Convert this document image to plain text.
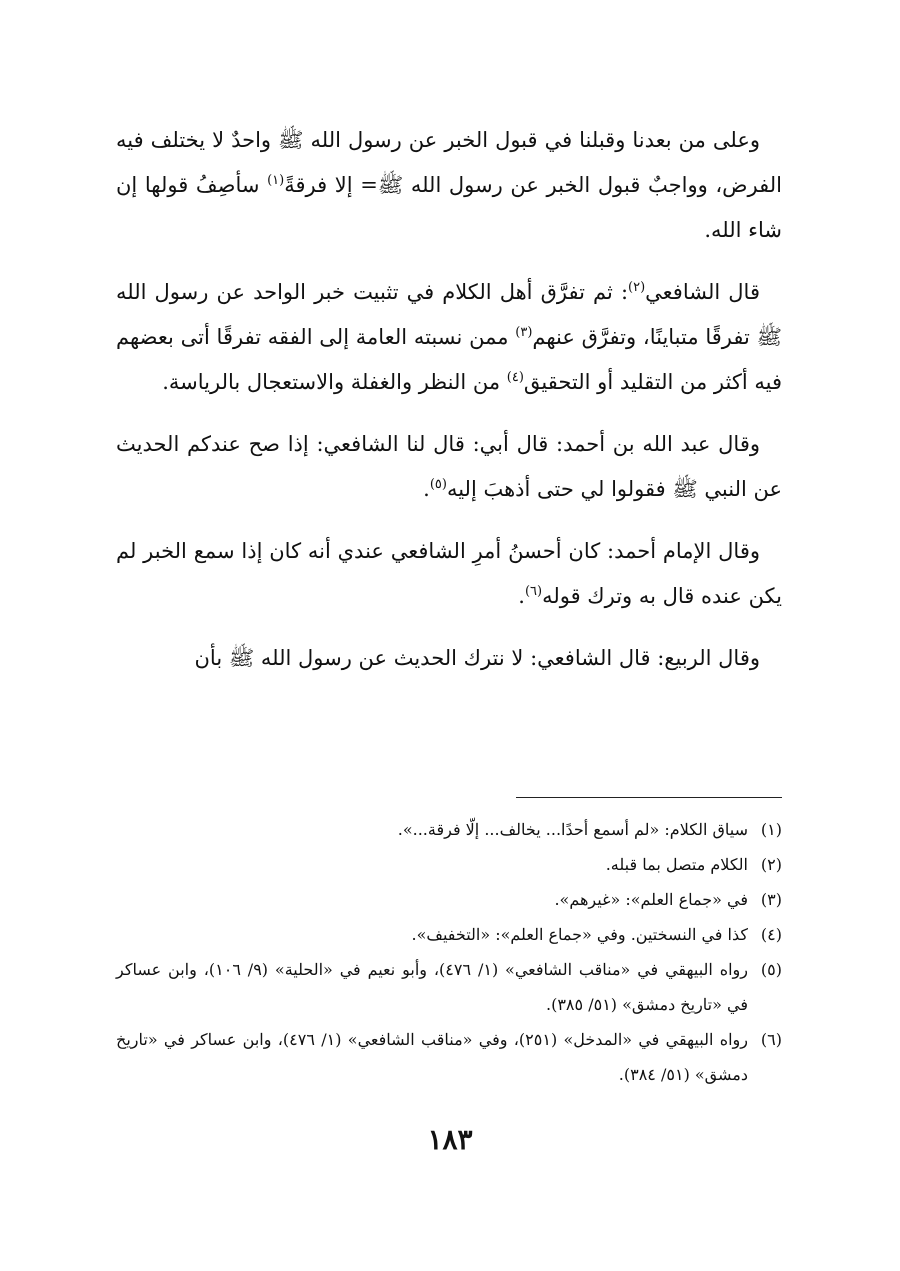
وعلى من بعدنا وقبلنا في قبول الخبر عن رسول الله ﷺ واحدٌ لا يختلف فيه الفرض، وواجبٌ قبول الخبر عن رسول الله ﷺ= إلا فرقةً$^{(١)}$ سأصِفُ قولها إن شاء الله.

قال الشافعي$^{(٢)}$: ثم تفرَّق أهل الكلام في تثبيت خبر الواحد عن رسول الله ﷺ تفرقًا متباينًا، وتفرَّق عنهم$^{(٣)}$ ممن نسبته العامة إلى الفقه تفرقًا أتى بعضهم فيه أكثر من التقليد أو التحقيق$^{(٤)}$ من النظر والغفلة والاستعجال بالرياسة.

وقال عبد الله بن أحمد: قال أبي: قال لنا الشافعي: إذا صح عندكم الحديث عن النبي ﷺ فقولوا لي حتى أذهبَ إليه$^{(٥)}$.

وقال الإمام أحمد: كان أحسنُ أمرِ الشافعي عندي أنه كان إذا سمع الخبر لم يكن عنده قال به وترك قوله$^{(٦)}$.

وقال الربيع: قال الشافعي: لا نترك الحديث عن رسول الله ﷺ بأن

(١)
سياق الكلام: «لم أسمع أحدًا... يخالف... إلّا فرقة...».
(٢)
الكلام متصل بما قبله.
(٣)
في «جماع العلم»: «غيرهم».
(٤)
كذا في النسختين. وفي «جماع العلم»: «التخفيف».
(٥)
رواه البيهقي في «مناقب الشافعي» (١/ ٤٧٦)، وأبو نعيم في «الحلية» (٩/ ١٠٦)، وابن عساكر في «تاريخ دمشق» (٥١/ ٣٨٥).
(٦)
رواه البيهقي في «المدخل» (٢٥١)، وفي «مناقب الشافعي» (١/ ٤٧٦)، وابن عساكر في «تاريخ دمشق» (٥١/ ٣٨٤).
١٨٣
